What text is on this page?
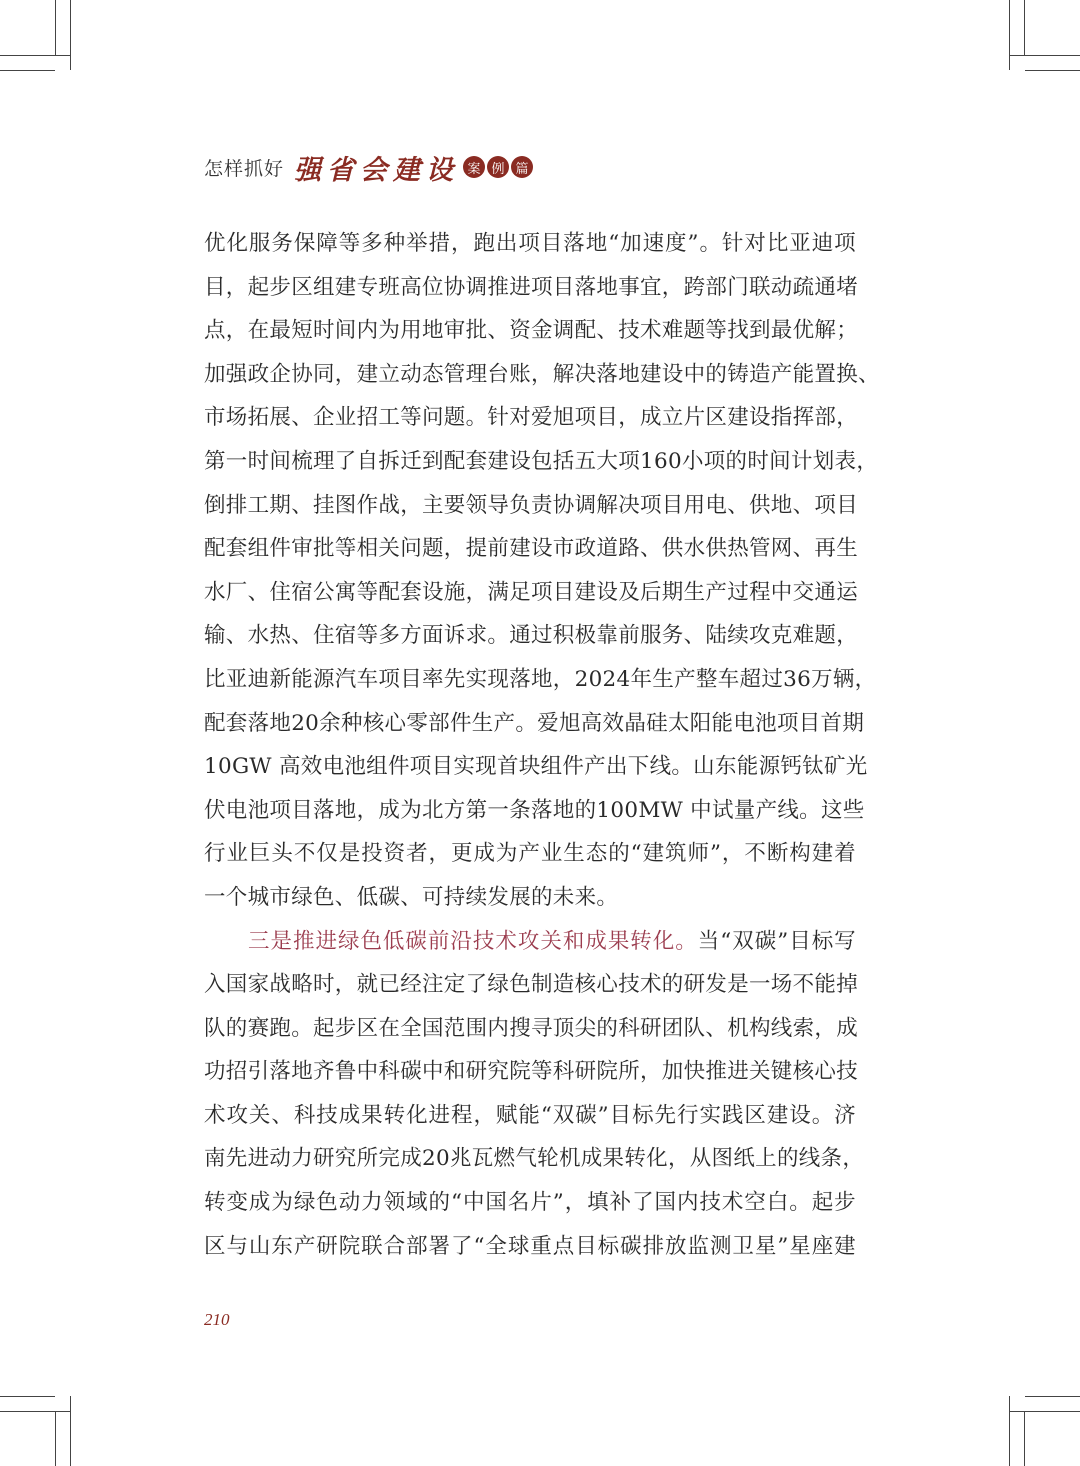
怎样抓好 强省会建设 案 例 篇
优化服务保障等多种举措，跑出项目落地“加速度”。针对比亚迪项
目，起步区组建专班高位协调推进项目落地事宜，跨部门联动疏通堵
点，在最短时间内为用地审批、资金调配、技术难题等找到最优解；
加强政企协同，建立动态管理台账，解决落地建设中的铸造产能置换、
市场拓展、企业招工等问题。针对爱旭项目，成立片区建设指挥部，
第一时间梳理了自拆迁到配套建设包括五大项160小项的时间计划表，
倒排工期、挂图作战，主要领导负责协调解决项目用电、供地、项目
配套组件审批等相关问题，提前建设市政道路、供水供热管网、再生
水厂、住宿公寓等配套设施，满足项目建设及后期生产过程中交通运
输、水热、住宿等多方面诉求。通过积极靠前服务、陆续攻克难题，
比亚迪新能源汽车项目率先实现落地，2024年生产整车超过36万辆，
配套落地20余种核心零部件生产。爱旭高效晶硅太阳能电池项目首期
10GW 高效电池组件项目实现首块组件产出下线。山东能源钙钛矿光
伏电池项目落地，成为北方第一条落地的100MW 中试量产线。这些
行业巨头不仅是投资者，更成为产业生态的“建筑师”，不断构建着
一个城市绿色、低碳、可持续发展的未来。
三是推进绿色低碳前沿技术攻关和成果转化。当“双碳”目标写
入国家战略时，就已经注定了绿色制造核心技术的研发是一场不能掉
队的赛跑。起步区在全国范围内搜寻顶尖的科研团队、机构线索，成
功招引落地齐鲁中科碳中和研究院等科研院所，加快推进关键核心技
术攻关、科技成果转化进程，赋能“双碳”目标先行实践区建设。济
南先进动力研究所完成20兆瓦燃气轮机成果转化，从图纸上的线条，
转变成为绿色动力领域的“中国名片”，填补了国内技术空白。起步
区与山东产研院联合部署了“全球重点目标碳排放监测卫星”星座建
210
